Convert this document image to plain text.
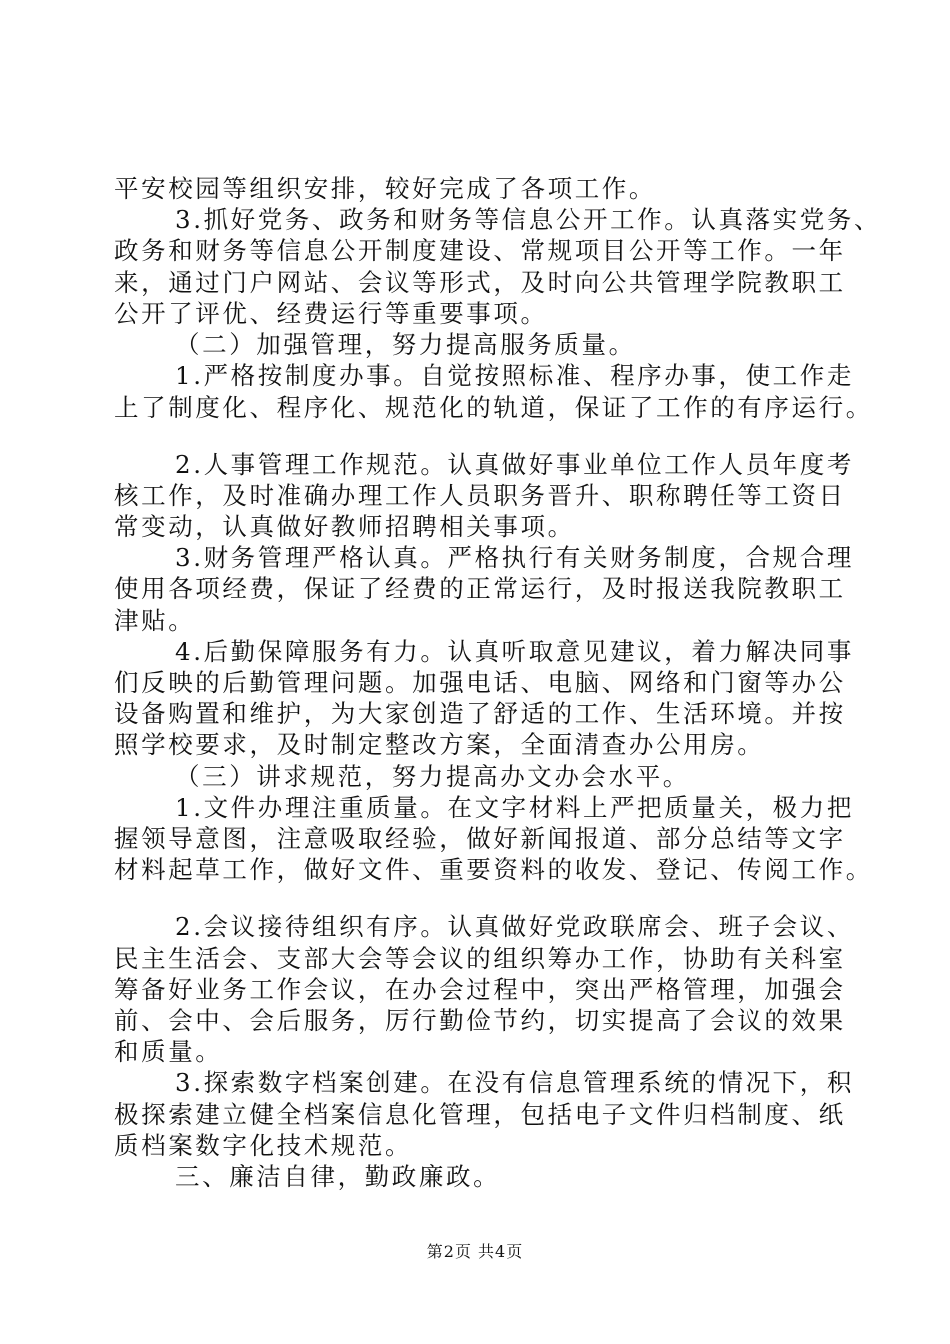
平安校园等组织安排，较好完成了各项工作。
3.抓好党务、政务和财务等信息公开工作。认真落实党务、
政务和财务等信息公开制度建设、常规项目公开等工作。一年
来，通过门户网站、会议等形式，及时向公共管理学院教职工
公开了评优、经费运行等重要事项。
（二）加强管理，努力提高服务质量。
1.严格按制度办事。自觉按照标准、程序办事，使工作走
上了制度化、程序化、规范化的轨道，保证了工作的有序运行。
2.人事管理工作规范。认真做好事业单位工作人员年度考
核工作，及时准确办理工作人员职务晋升、职称聘任等工资日
常变动，认真做好教师招聘相关事项。
3.财务管理严格认真。严格执行有关财务制度，合规合理
使用各项经费，保证了经费的正常运行，及时报送我院教职工
津贴。
4.后勤保障服务有力。认真听取意见建议，着力解决同事
们反映的后勤管理问题。加强电话、电脑、网络和门窗等办公
设备购置和维护，为大家创造了舒适的工作、生活环境。并按
照学校要求，及时制定整改方案，全面清查办公用房。
（三）讲求规范，努力提高办文办会水平。
1.文件办理注重质量。在文字材料上严把质量关，极力把
握领导意图，注意吸取经验，做好新闻报道、部分总结等文字
材料起草工作，做好文件、重要资料的收发、登记、传阅工作。
2.会议接待组织有序。认真做好党政联席会、班子会议、
民主生活会、支部大会等会议的组织筹办工作，协助有关科室
筹备好业务工作会议，在办会过程中，突出严格管理，加强会
前、会中、会后服务，厉行勤俭节约，切实提高了会议的效果
和质量。
3.探索数字档案创建。在没有信息管理系统的情况下，积
极探索建立健全档案信息化管理，包括电子文件归档制度、纸
质档案数字化技术规范。
三、廉洁自律，勤政廉政。
第2页 共4页
